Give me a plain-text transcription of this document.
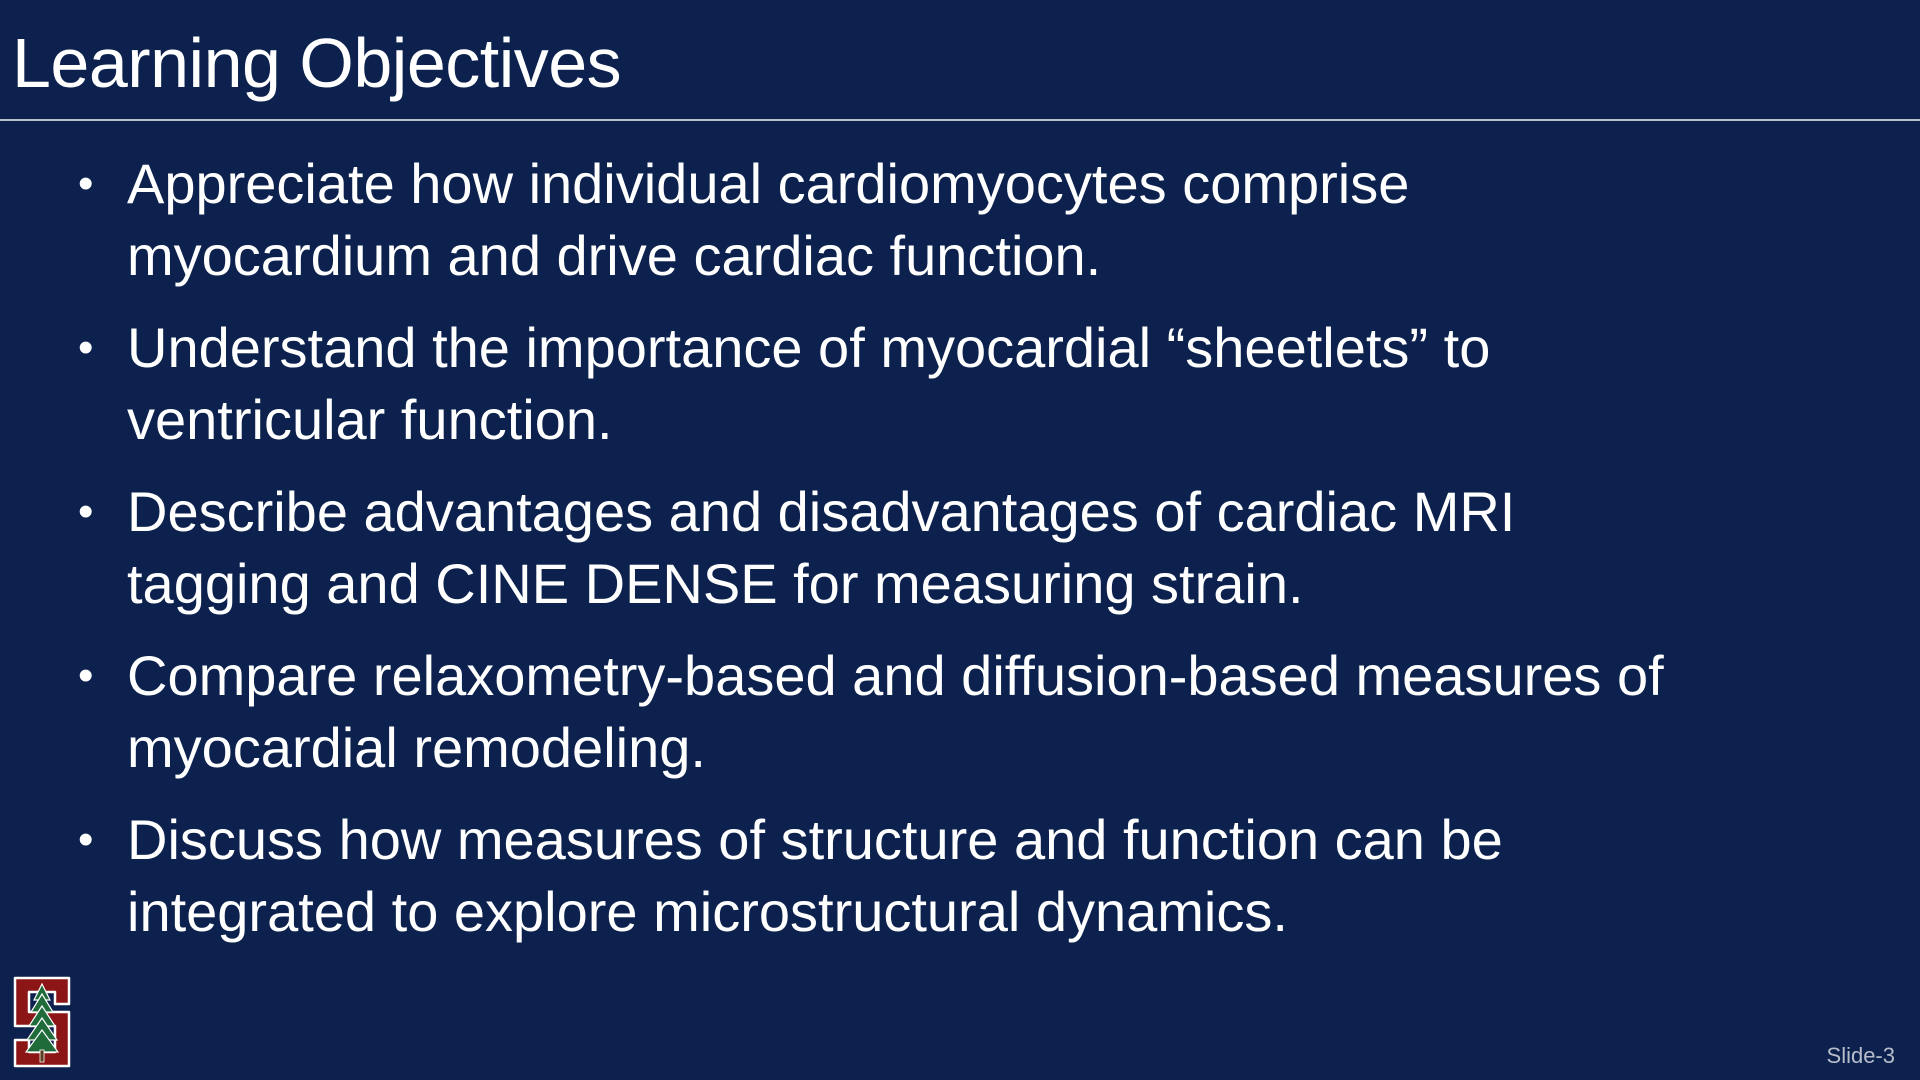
Learning Objectives
• Appreciate how individual cardiomyocytes comprise
myocardium and drive cardiac function.
• Understand the importance of myocardial “sheetlets” to
ventricular function.
• Describe advantages and disadvantages of cardiac MRI
tagging and CINE DENSE for measuring strain.
• Compare relaxometry-based and diffusion-based measures of
myocardial remodeling.
• Discuss how measures of structure and function can be
integrated to explore microstructural dynamics.
Slide-3
